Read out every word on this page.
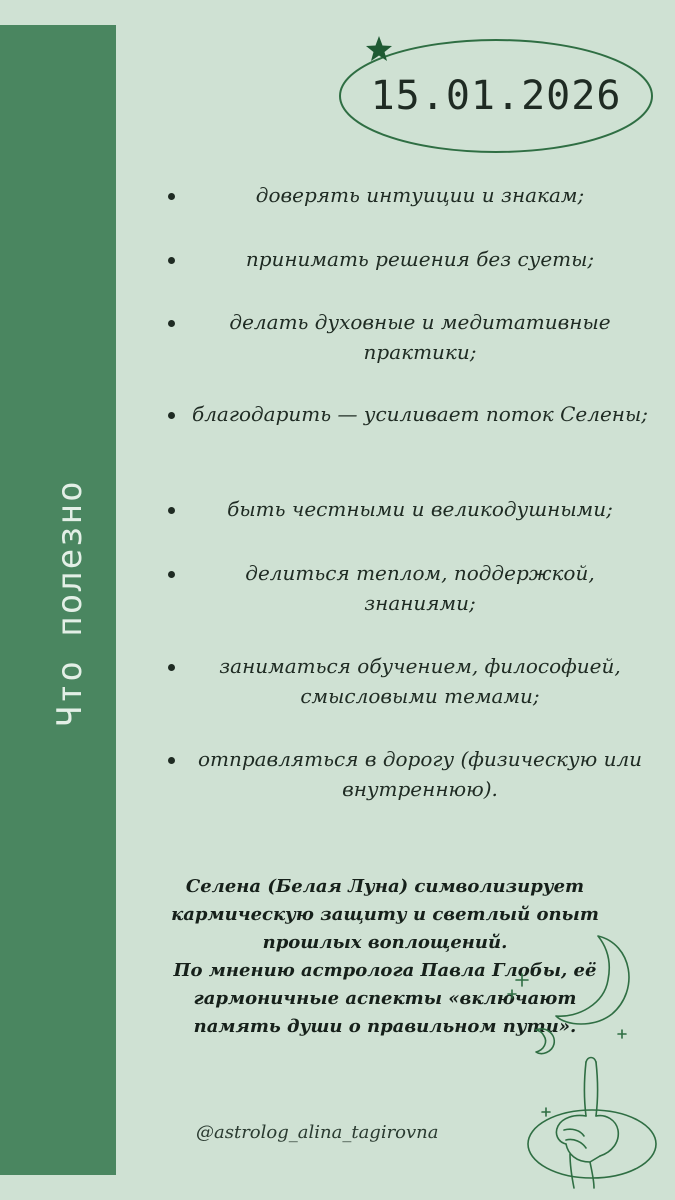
Что полезно
15.01.2026
доверять интуиции и знакам;
принимать решения без суеты;
делать духовные и медитативные практики;
благодарить — усиливает поток Селены;
быть честными и великодушными;
делиться теплом, поддержкой, знаниями;
заниматься обучением, философией, смысловыми темами;
отправляться в дорогу (физическую или внутреннюю).
Селена (Белая Луна) символизирует
кармическую защиту и светлый опыт
прошлых воплощений.
По мнению астролога Павла Глобы, её
гармоничные аспекты «включают
память души о правильном пути».
@astrolog_alina_tagirovna
